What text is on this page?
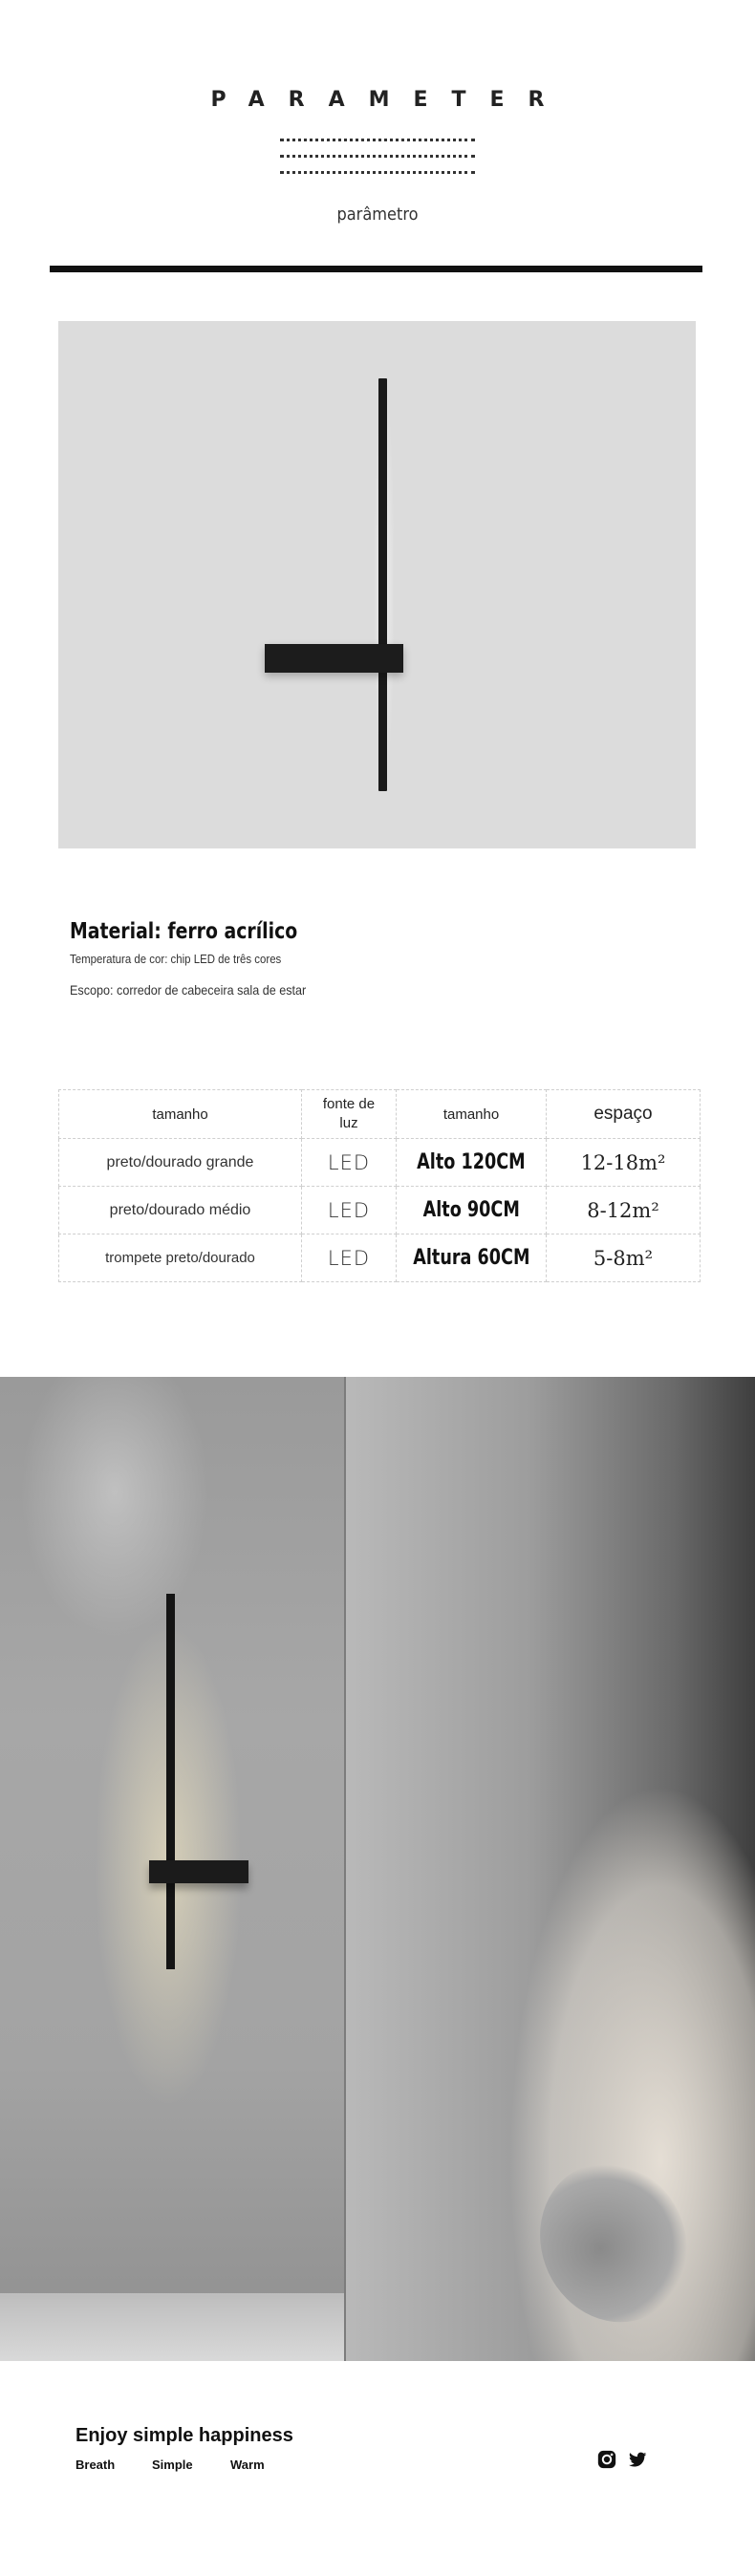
PARAMETER
parâmetro
Material: ferro acrílico
Temperatura de cor: chip LED de três cores
Escopo: corredor de cabeceira sala de estar
tamanho	fonte de luz	tamanho	espaço
preto/dourado grande	LED	Alto 120CM	12-18m²
preto/dourado médio	LED	Alto 90CM	8-12m²
trompete preto/dourado	LED	Altura 60CM	5-8m²
Enjoy simple happiness
Breath	Simple	Warm
